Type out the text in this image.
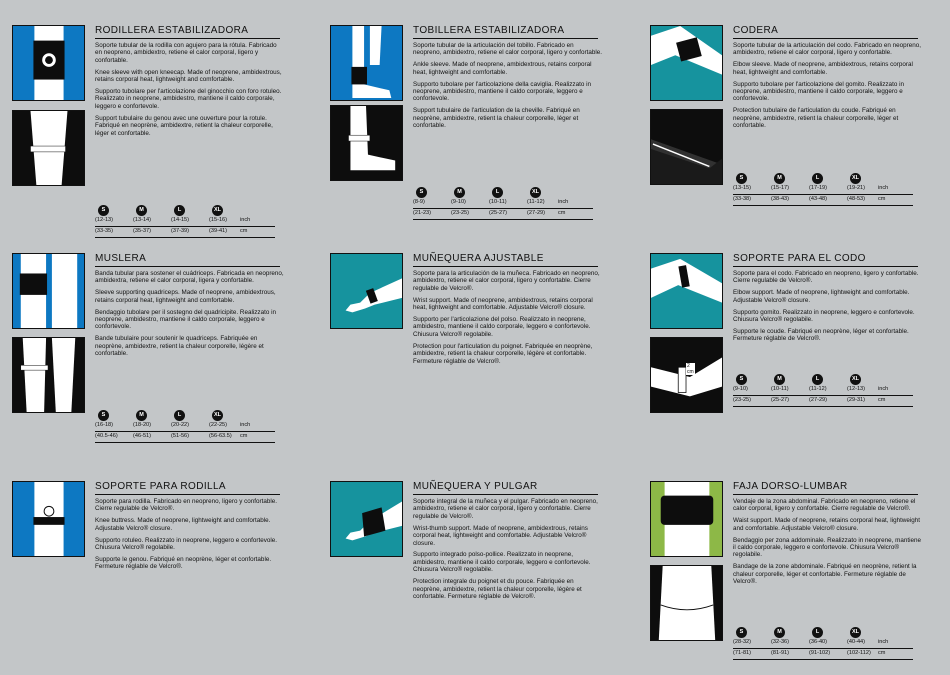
RODILLERA ESTABILIZADORA

Soporte tubular de la rodilla con agujero para la rótula. Fabricado en neopreno, ambidextro, retiene el calor corporal, ligero y confortable.

Knee sleeve with open kneecap. Made of neoprene, ambidextrous, retains corporal heat, lightweight and comfortable.

Supporto tubolare per l'articolazione del ginocchio con foro rotuleo. Realizzato in neoprene, ambidestro, mantiene il caldo corporale, leggero e confortevole.

Support tubulaire du genou avec une ouverture pour la rotule. Fabriqué en neoprène, ambidextre, retient la chaleur corporelle, léger et confortable.

S	M	L	XL
(12-13)	(13-14)	(14-15)	(15-16) inch
(33-35)	(35-37)	(37-39)	(39-41) cm
TOBILLERA ESTABILIZADORA

Soporte tubular de la articulación del tobillo. Fabricado en neopreno, ambidextro, retiene el calor corporal, ligero y confortable.

Ankle sleeve. Made of neoprene, ambidextrous, retains corporal heat, lightweight and comfortable.

Supporto tubolare per l'articolazione della caviglia. Realizzato in neoprene, ambidestro, mantiene il caldo corporale, leggero e confortevole.

Support tubulaire de l'articulation de la cheville. Fabriqué en neoprène, ambidextre, retient la chaleur corporelle, léger et confortable.

S	M	L	XL
(8-9)	(9-10)	(10-11)	(11-12) inch
(21-23)	(23-25)	(25-27)	(27-29) cm
CODERA

Soporte tubular de la articulación del codo. Fabricado en neopreno, ambidextro, retiene el calor corporal, ligero y confortable.

Elbow sleeve. Made of neoprene, ambidextrous, retains corporal heat, lightweight and comfortable.

Supporto tubolare per l'articolazione del gomito. Realizzato in neoprene, ambidestro, mantiene il caldo corporale, leggero e confortevole.

Protection tubulaire de l'articulation du coude. Fabriqué en neoprène, ambidextre, retient la chaleur corporelle, léger et confortable.

S	M	L	XL
(13-15)	(15-17)	(17-19)	(19-21) inch
(33-38)	(38-43)	(43-48)	(48-53) cm
MUSLERA

Banda tubular para sostener el cuádriceps. Fabricada en neopreno, ambidextra, retiene el calor corporal, ligera y confortable.

Sleeve supporting quadriceps. Made of neoprene, ambidextrous, retains corporal heat, lightweight and comfortable.

Bendaggio tubolare per il sostegno del quadricipite. Realizzato in neoprene, ambidestro, mantiene il caldo corporale, leggero e confortevole.

Bande tubulaire pour soutenir le quadriceps. Fabriquée en neoprène, ambidextre, retient la chaleur corporelle, légère et confortable.

S	M	L	XL
(16-18)	(18-20)	(20-22)	(22-25) inch
(40.5-46)	(46-51)	(51-56)	(56-63.5) cm
MUÑEQUERA AJUSTABLE

Soporte para la articulación de la muñeca. Fabricado en neopreno, ambidextro, retiene el calor corporal, ligero y confortable. Cierre regulable de Velcro®.

Wrist support. Made of neoprene, ambidextrous, retains corporal heat, lightweight and comfortable. Adjustable Velcro® closure.

Supporto per l'articolazione del polso. Realizzato in neoprene, ambidestro, mantiene il caldo corporale, leggero e confortevole. Chiusura Velcro® regolabile.

Protection pour l'articulation du poignet. Fabriquée en neoprène, ambidextre, retient la chaleur corporelle, légère et confortable. Fermeture réglable de Velcro®.

SOPORTE PARA EL CODO

Soporte para el codo. Fabricado en neopreno, ligero y confortable. Cierre regulable de Velcro®.

Elbow support. Made of neoprene, lightweight and comfortable. Adjustable Velcro® closure.

Supporto gomito. Realizzato in neoprene, leggero e confortevole. Chiusura Velcro® regolabile.

Supporte le coude. Fabriqué en neoprène, léger et confortable. Fermeture réglable de Velcro®.

S	M	L	XL
(9-10)	(10-11)	(11-12)	(12-13) inch
(23-25)	(25-27)	(27-29)	(29-31) cm
2 cm
SOPORTE PARA RODILLA

Soporte para rodilla. Fabricado en neopreno, ligero y confortable. Cierre regulable de Velcro®.

Knee buttress. Made of neoprene, lightweight and comfortable. Adjustable Velcro® closure.

Supporto rotuleo. Realizzato in neoprene, leggero e confortevole. Chiusura Velcro® regolabile.

Supporte le genou. Fabriqué en neoprène, léger et confortable. Fermeture réglable de Velcro®.

MUÑEQUERA Y PULGAR

Soporte integral de la muñeca y el pulgar. Fabricado en neopreno, ambidextro, retiene el calor corporal, ligero y confortable. Cierre regulable de Velcro®.

Wrist-thumb support. Made of neoprene, ambidextrous, retains corporal heat, lightweight and comfortable. Adjustable Velcro® closure.

Supporto integrado polso-pollice. Realizzato in neoprene, ambidestro, mantiene il caldo corporale, leggero e confortevole. Chiusura Velcro® regolabile.

Protection integrale du poignet et du pouce. Fabriquée en neoprène, ambidextre, retient la chaleur corporelle, légère et confortable. Fermeture réglable de Velcro®.

FAJA DORSO-LUMBAR

Vendaje de la zona abdominal. Fabricado en neopreno, retiene el calor corporal, ligero y confortable. Cierre regulable de Velcro®.

Waist support. Made of neoprene, retains corporal heat, lightweight and comfortable. Adjustable Velcro® closure.

Bendaggio per zona addominale. Realizzato in neoprene, mantiene il caldo corporale, leggero e confortevole. Chiusura Velcro® regolabile.

Bandage de la zone abdominale. Fabriqué en neoprène, retient la chaleur corporelle, léger et confortable. Fermeture réglable de Velcro®.

S	M	L	XL
(28-32)	(32-36)	(36-40)	(40-44) inch
(71-81)	(81-91)	(91-102)	(102-112) cm
